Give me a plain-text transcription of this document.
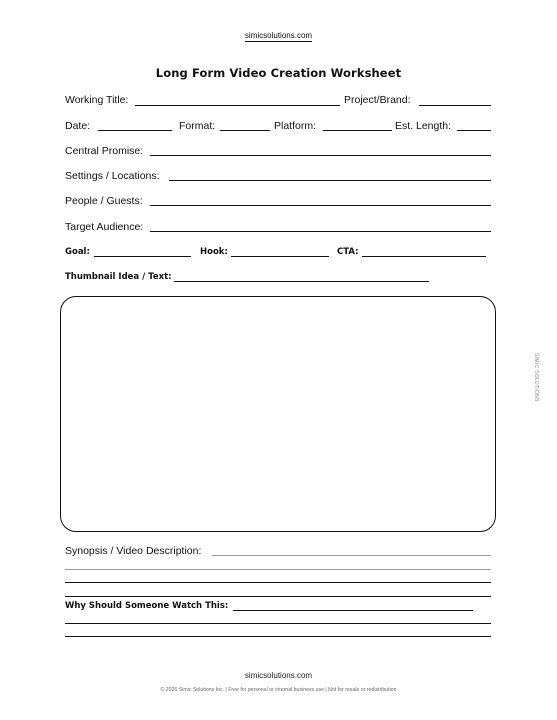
simicsolutions.com
Long Form Video Creation Worksheet
Working Title:	Project/Brand:
Date:	Format:	Platform:	Est. Length:
Central Promise:
Settings / Locations:
People / Guests:
Target Audience:
Goal:	Hook:	CTA:
Thumbnail Idea / Text:
SIMIC SOLUTIONS
Synopsis / Video Description:
Why Should Someone Watch This:
simicsolutions.com
© 2026 Simic Solutions Inc. | Free for personal or internal business use | Not for resale or redistribution
